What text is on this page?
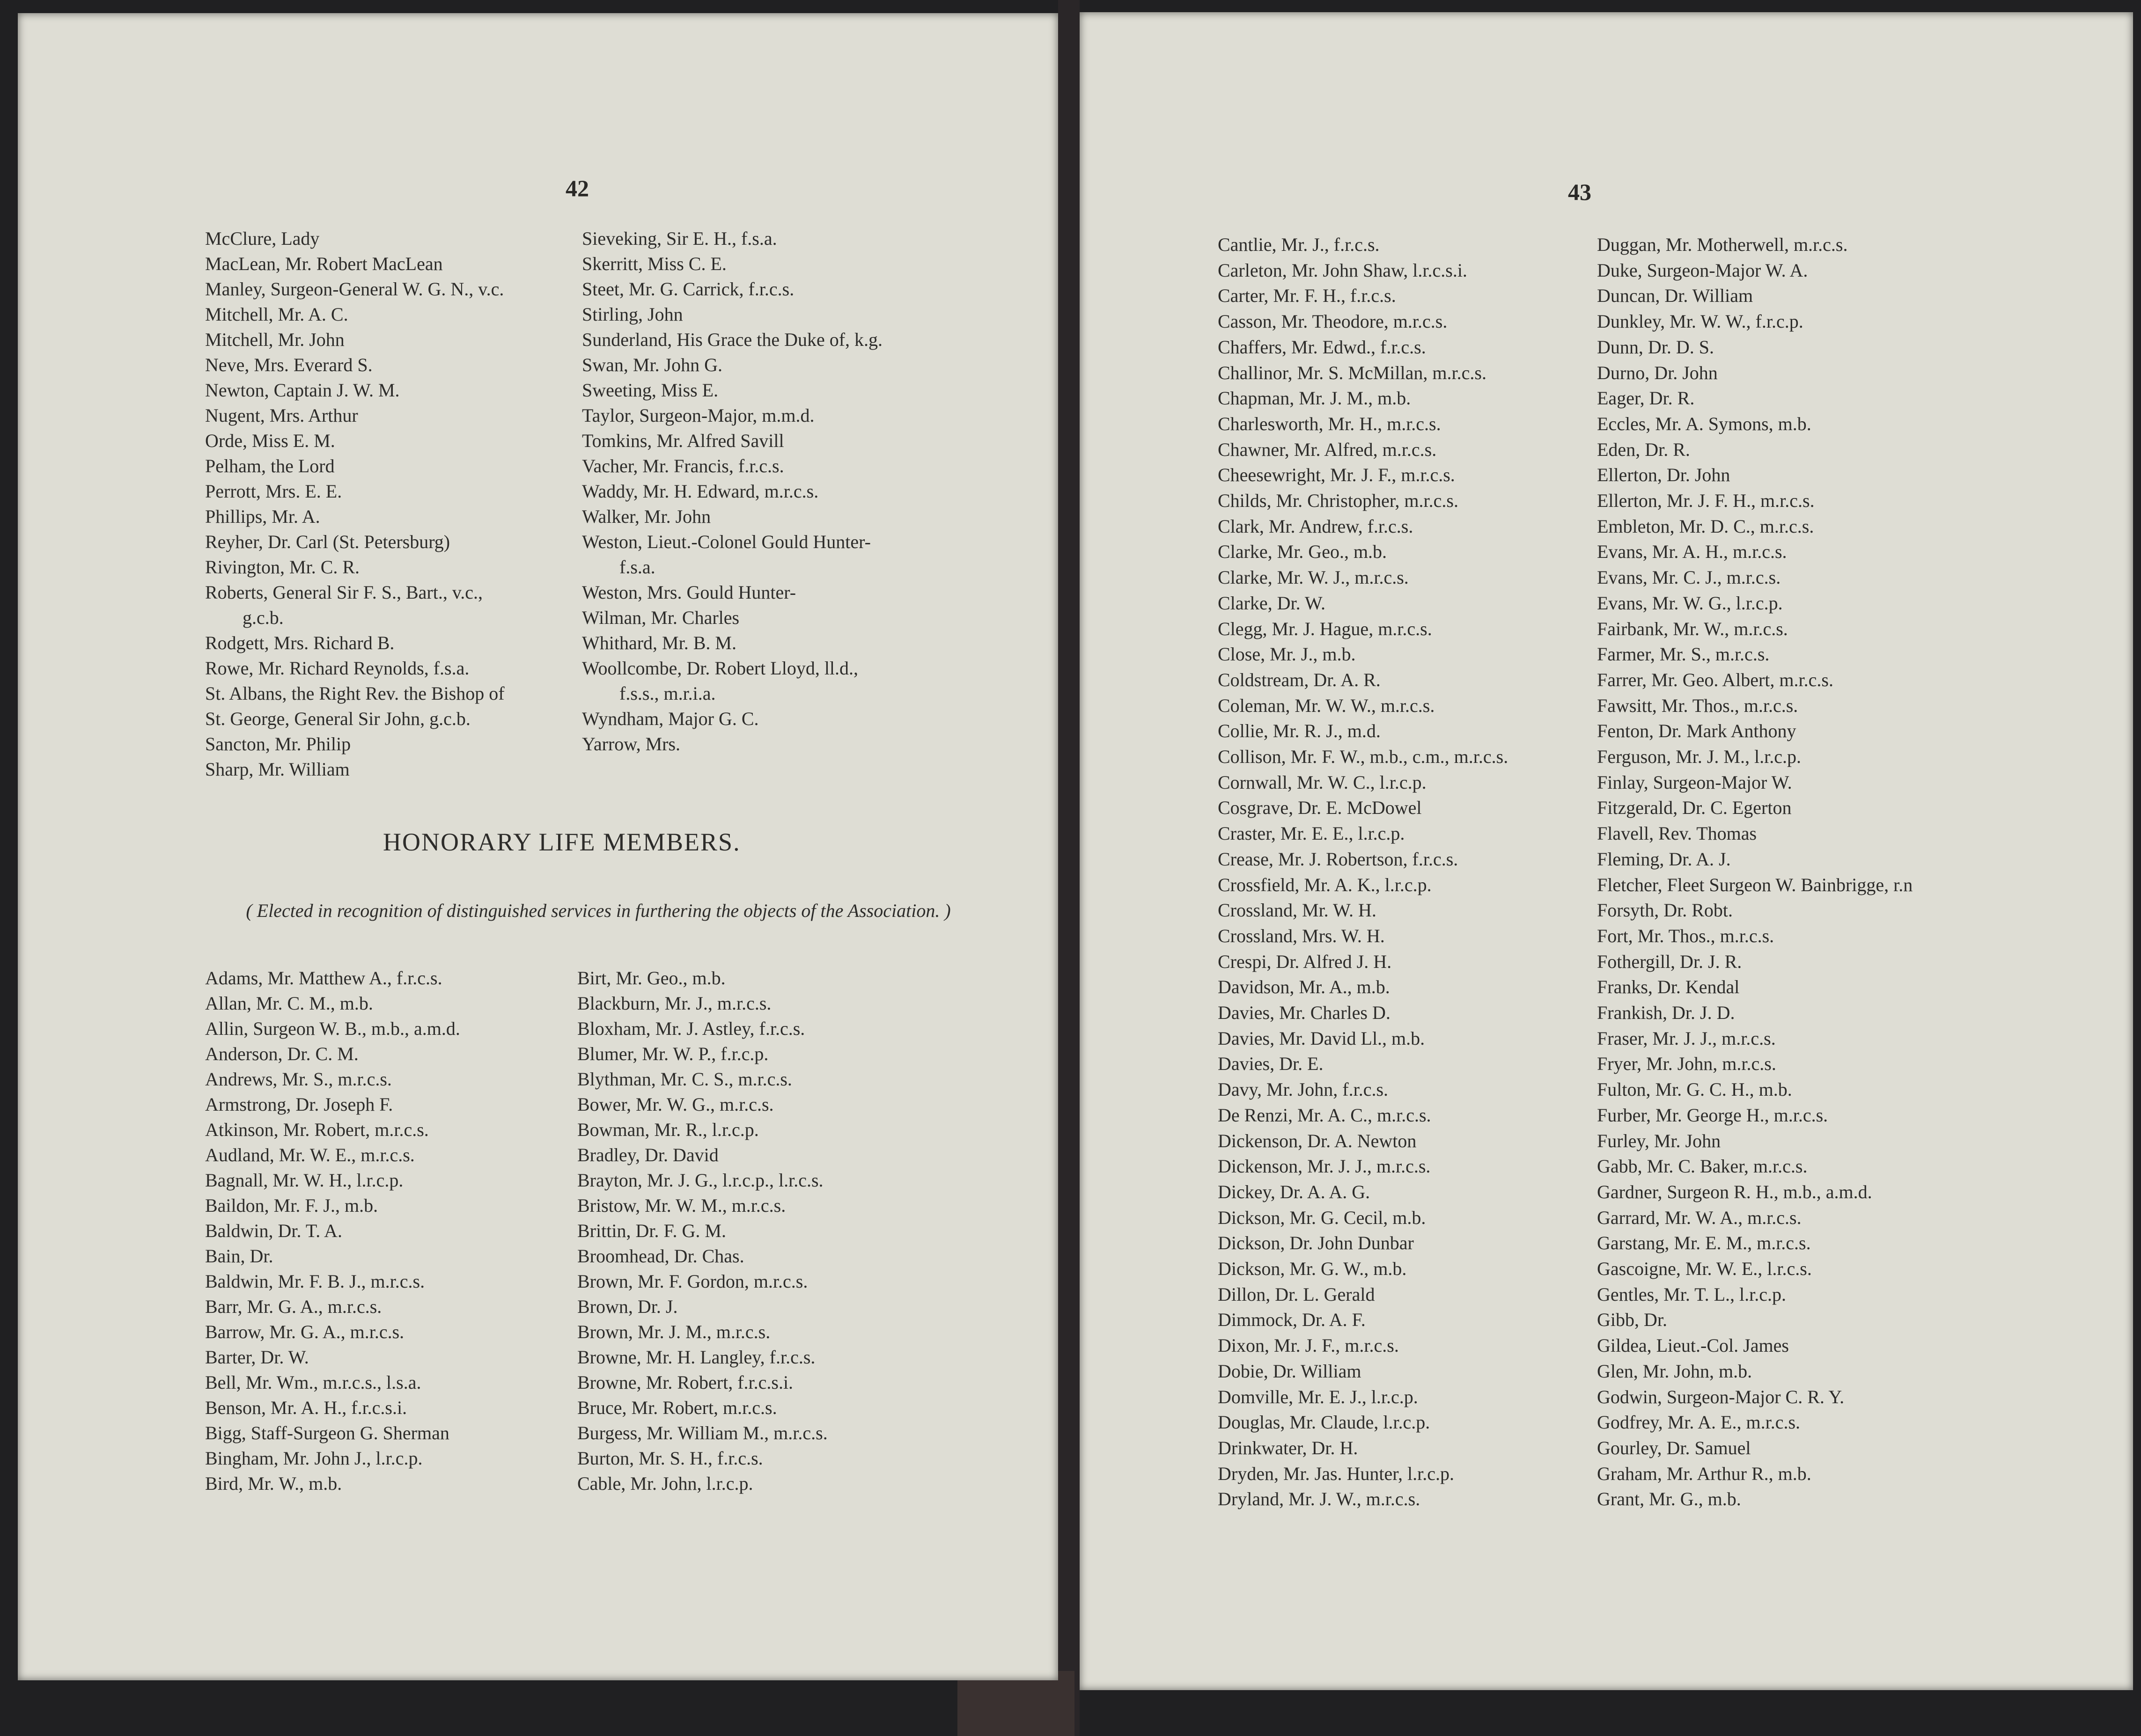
42
McClure, Lady
MacLean, Mr. Robert MacLean
Manley, Surgeon-General W. G. N., v.c.
Mitchell, Mr. A. C.
Mitchell, Mr. John
Neve, Mrs. Everard S.
Newton, Captain J. W. M.
Nugent, Mrs. Arthur
Orde, Miss E. M.
Pelham, the Lord
Perrott, Mrs. E. E.
Phillips, Mr. A.
Reyher, Dr. Carl (St. Petersburg)
Rivington, Mr. C. R.
Roberts, General Sir F. S., Bart., v.c.,
g.c.b.
Rodgett, Mrs. Richard B.
Rowe, Mr. Richard Reynolds, f.s.a.
St. Albans, the Right Rev. the Bishop of
St. George, General Sir John, g.c.b.
Sancton, Mr. Philip
Sharp, Mr. William
Sieveking, Sir E. H., f.s.a.
Skerritt, Miss C. E.
Steet, Mr. G. Carrick, f.r.c.s.
Stirling, John
Sunderland, His Grace the Duke of, k.g.
Swan, Mr. John G.
Sweeting, Miss E.
Taylor, Surgeon-Major, m.m.d.
Tomkins, Mr. Alfred Savill
Vacher, Mr. Francis, f.r.c.s.
Waddy, Mr. H. Edward, m.r.c.s.
Walker, Mr. John
Weston, Lieut.-Colonel Gould Hunter-
f.s.a.
Weston, Mrs. Gould Hunter-
Wilman, Mr. Charles
Whithard, Mr. B. M.
Woollcombe, Dr. Robert Lloyd, ll.d.,
f.s.s., m.r.i.a.
Wyndham, Major G. C.
Yarrow, Mrs.
HONORARY LIFE MEMBERS.
( Elected in recognition of distinguished services in furthering the objects of the Association. )
Adams, Mr. Matthew A., f.r.c.s.
Allan, Mr. C. M., m.b.
Allin, Surgeon W. B., m.b., a.m.d.
Anderson, Dr. C. M.
Andrews, Mr. S., m.r.c.s.
Armstrong, Dr. Joseph F.
Atkinson, Mr. Robert, m.r.c.s.
Audland, Mr. W. E., m.r.c.s.
Bagnall, Mr. W. H., l.r.c.p.
Baildon, Mr. F. J., m.b.
Baldwin, Dr. T. A.
Bain, Dr.
Baldwin, Mr. F. B. J., m.r.c.s.
Barr, Mr. G. A., m.r.c.s.
Barrow, Mr. G. A., m.r.c.s.
Barter, Dr. W.
Bell, Mr. Wm., m.r.c.s., l.s.a.
Benson, Mr. A. H., f.r.c.s.i.
Bigg, Staff-Surgeon G. Sherman
Bingham, Mr. John J., l.r.c.p.
Bird, Mr. W., m.b.
Birt, Mr. Geo., m.b.
Blackburn, Mr. J., m.r.c.s.
Bloxham, Mr. J. Astley, f.r.c.s.
Blumer, Mr. W. P., f.r.c.p.
Blythman, Mr. C. S., m.r.c.s.
Bower, Mr. W. G., m.r.c.s.
Bowman, Mr. R., l.r.c.p.
Bradley, Dr. David
Brayton, Mr. J. G., l.r.c.p., l.r.c.s.
Bristow, Mr. W. M., m.r.c.s.
Brittin, Dr. F. G. M.
Broomhead, Dr. Chas.
Brown, Mr. F. Gordon, m.r.c.s.
Brown, Dr. J.
Brown, Mr. J. M., m.r.c.s.
Browne, Mr. H. Langley, f.r.c.s.
Browne, Mr. Robert, f.r.c.s.i.
Bruce, Mr. Robert, m.r.c.s.
Burgess, Mr. William M., m.r.c.s.
Burton, Mr. S. H., f.r.c.s.
Cable, Mr. John, l.r.c.p.
43
Cantlie, Mr. J., f.r.c.s.
Carleton, Mr. John Shaw, l.r.c.s.i.
Carter, Mr. F. H., f.r.c.s.
Casson, Mr. Theodore, m.r.c.s.
Chaffers, Mr. Edwd., f.r.c.s.
Challinor, Mr. S. McMillan, m.r.c.s.
Chapman, Mr. J. M., m.b.
Charlesworth, Mr. H., m.r.c.s.
Chawner, Mr. Alfred, m.r.c.s.
Cheesewright, Mr. J. F., m.r.c.s.
Childs, Mr. Christopher, m.r.c.s.
Clark, Mr. Andrew, f.r.c.s.
Clarke, Mr. Geo., m.b.
Clarke, Mr. W. J., m.r.c.s.
Clarke, Dr. W.
Clegg, Mr. J. Hague, m.r.c.s.
Close, Mr. J., m.b.
Coldstream, Dr. A. R.
Coleman, Mr. W. W., m.r.c.s.
Collie, Mr. R. J., m.d.
Collison, Mr. F. W., m.b., c.m., m.r.c.s.
Cornwall, Mr. W. C., l.r.c.p.
Cosgrave, Dr. E. McDowel
Craster, Mr. E. E., l.r.c.p.
Crease, Mr. J. Robertson, f.r.c.s.
Crossfield, Mr. A. K., l.r.c.p.
Crossland, Mr. W. H.
Crossland, Mrs. W. H.
Crespi, Dr. Alfred J. H.
Davidson, Mr. A., m.b.
Davies, Mr. Charles D.
Davies, Mr. David Ll., m.b.
Davies, Dr. E.
Davy, Mr. John, f.r.c.s.
De Renzi, Mr. A. C., m.r.c.s.
Dickenson, Dr. A. Newton
Dickenson, Mr. J. J., m.r.c.s.
Dickey, Dr. A. A. G.
Dickson, Mr. G. Cecil, m.b.
Dickson, Dr. John Dunbar
Dickson, Mr. G. W., m.b.
Dillon, Dr. L. Gerald
Dimmock, Dr. A. F.
Dixon, Mr. J. F., m.r.c.s.
Dobie, Dr. William
Domville, Mr. E. J., l.r.c.p.
Douglas, Mr. Claude, l.r.c.p.
Drinkwater, Dr. H.
Dryden, Mr. Jas. Hunter, l.r.c.p.
Dryland, Mr. J. W., m.r.c.s.
Duggan, Mr. Motherwell, m.r.c.s.
Duke, Surgeon-Major W. A.
Duncan, Dr. William
Dunkley, Mr. W. W., f.r.c.p.
Dunn, Dr. D. S.
Durno, Dr. John
Eager, Dr. R.
Eccles, Mr. A. Symons, m.b.
Eden, Dr. R.
Ellerton, Dr. John
Ellerton, Mr. J. F. H., m.r.c.s.
Embleton, Mr. D. C., m.r.c.s.
Evans, Mr. A. H., m.r.c.s.
Evans, Mr. C. J., m.r.c.s.
Evans, Mr. W. G., l.r.c.p.
Fairbank, Mr. W., m.r.c.s.
Farmer, Mr. S., m.r.c.s.
Farrer, Mr. Geo. Albert, m.r.c.s.
Fawsitt, Mr. Thos., m.r.c.s.
Fenton, Dr. Mark Anthony
Ferguson, Mr. J. M., l.r.c.p.
Finlay, Surgeon-Major W.
Fitzgerald, Dr. C. Egerton
Flavell, Rev. Thomas
Fleming, Dr. A. J.
Fletcher, Fleet Surgeon W. Bainbrigge, r.n
Forsyth, Dr. Robt.
Fort, Mr. Thos., m.r.c.s.
Fothergill, Dr. J. R.
Franks, Dr. Kendal
Frankish, Dr. J. D.
Fraser, Mr. J. J., m.r.c.s.
Fryer, Mr. John, m.r.c.s.
Fulton, Mr. G. C. H., m.b.
Furber, Mr. George H., m.r.c.s.
Furley, Mr. John
Gabb, Mr. C. Baker, m.r.c.s.
Gardner, Surgeon R. H., m.b., a.m.d.
Garrard, Mr. W. A., m.r.c.s.
Garstang, Mr. E. M., m.r.c.s.
Gascoigne, Mr. W. E., l.r.c.s.
Gentles, Mr. T. L., l.r.c.p.
Gibb, Dr.
Gildea, Lieut.-Col. James
Glen, Mr. John, m.b.
Godwin, Surgeon-Major C. R. Y.
Godfrey, Mr. A. E., m.r.c.s.
Gourley, Dr. Samuel
Graham, Mr. Arthur R., m.b.
Grant, Mr. G., m.b.
